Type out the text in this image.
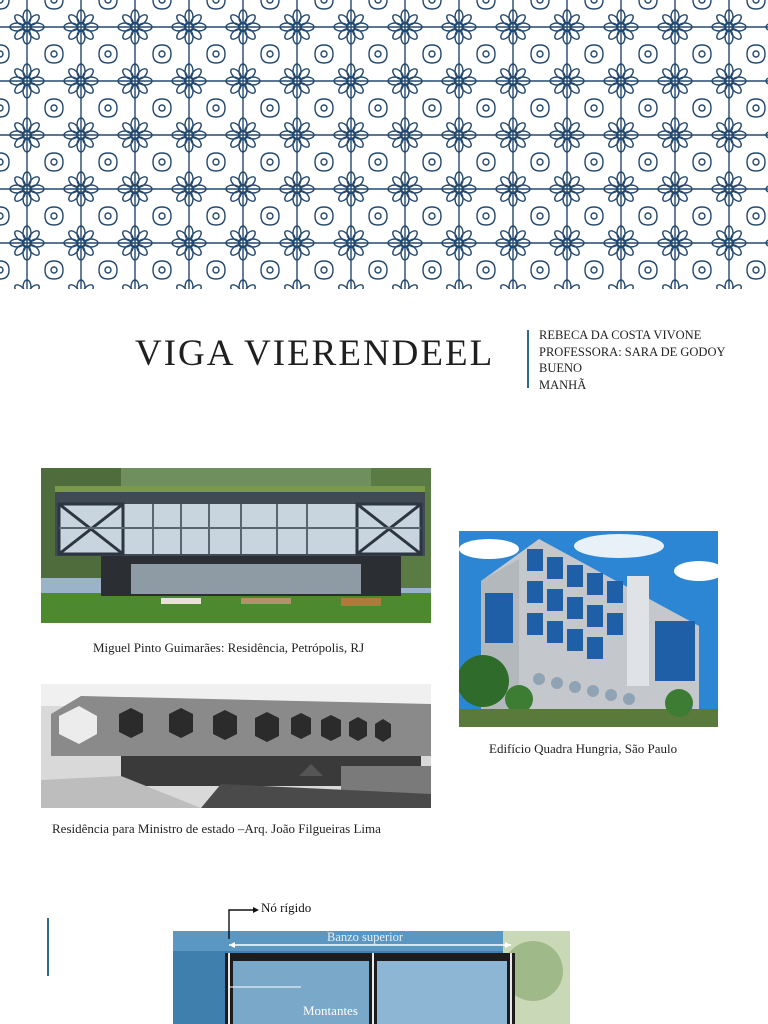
VIGA VIERENDEEL	REBECA DA COSTA VIVONE
PROFESSORA: SARA DE GODOY
BUENO
MANHÃ
Miguel Pinto Guimarães: Residência, Petrópolis, RJ
Edifício Quadra Hungria, São Paulo
Residência para Ministro de estado –Arq. João Filgueiras Lima
Nó rígido
Banzo superior
Montantes
